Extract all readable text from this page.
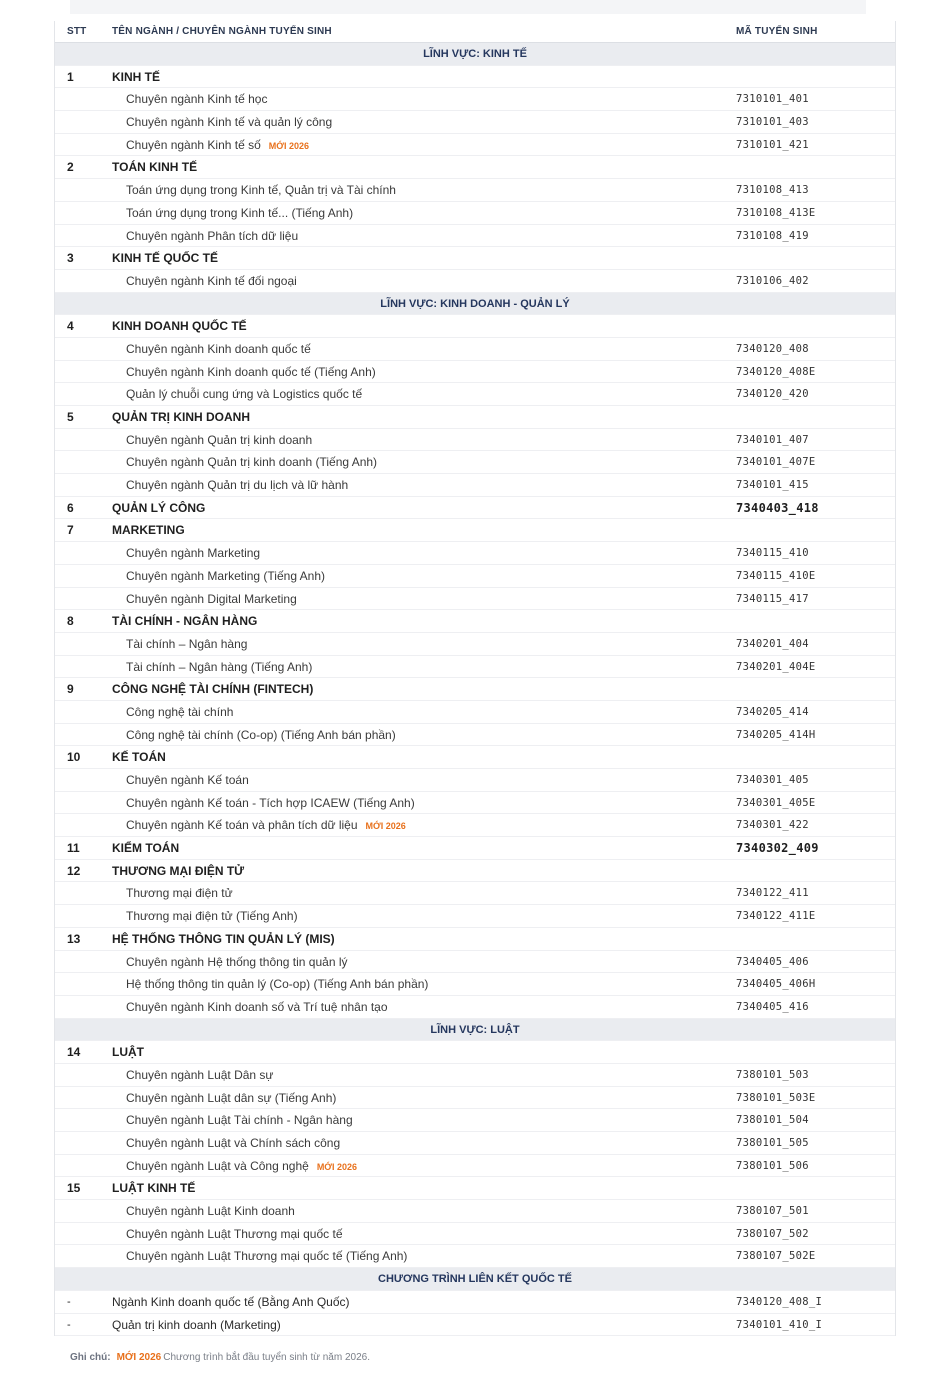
STT	TÊN NGÀNH / CHUYÊN NGÀNH TUYỂN SINH	MÃ TUYỂN SINH
LĨNH VỰC: KINH TẾ
1	KINH TẾ
Chuyên ngành Kinh tế học	7310101_401
Chuyên ngành Kinh tế và quản lý công	7310101_403
Chuyên ngành Kinh tế số MỚI 2026	7310101_421
2	TOÁN KINH TẾ
Toán ứng dụng trong Kinh tế, Quản trị và Tài chính	7310108_413
Toán ứng dụng trong Kinh tế... (Tiếng Anh)	7310108_413E
Chuyên ngành Phân tích dữ liệu	7310108_419
3	KINH TẾ QUỐC TẾ
Chuyên ngành Kinh tế đối ngoại	7310106_402
LĨNH VỰC: KINH DOANH - QUẢN LÝ
4	KINH DOANH QUỐC TẾ
Chuyên ngành Kinh doanh quốc tế	7340120_408
Chuyên ngành Kinh doanh quốc tế (Tiếng Anh)	7340120_408E
Quản lý chuỗi cung ứng và Logistics quốc tế	7340120_420
5	QUẢN TRỊ KINH DOANH
Chuyên ngành Quản trị kinh doanh	7340101_407
Chuyên ngành Quản trị kinh doanh (Tiếng Anh)	7340101_407E
Chuyên ngành Quản trị du lịch và lữ hành	7340101_415
6	QUẢN LÝ CÔNG	7340403_418
7	MARKETING
Chuyên ngành Marketing	7340115_410
Chuyên ngành Marketing (Tiếng Anh)	7340115_410E
Chuyên ngành Digital Marketing	7340115_417
8	TÀI CHÍNH - NGÂN HÀNG
Tài chính – Ngân hàng	7340201_404
Tài chính – Ngân hàng (Tiếng Anh)	7340201_404E
9	CÔNG NGHỆ TÀI CHÍNH (FINTECH)
Công nghệ tài chính	7340205_414
Công nghệ tài chính (Co-op) (Tiếng Anh bán phần)	7340205_414H
10	KẾ TOÁN
Chuyên ngành Kế toán	7340301_405
Chuyên ngành Kế toán - Tích hợp ICAEW (Tiếng Anh)	7340301_405E
Chuyên ngành Kế toán và phân tích dữ liệu MỚI 2026	7340301_422
11	KIỂM TOÁN	7340302_409
12	THƯƠNG MẠI ĐIỆN TỬ
Thương mại điện tử	7340122_411
Thương mại điện tử (Tiếng Anh)	7340122_411E
13	HỆ THỐNG THÔNG TIN QUẢN LÝ (MIS)
Chuyên ngành Hệ thống thông tin quản lý	7340405_406
Hệ thống thông tin quản lý (Co-op) (Tiếng Anh bán phần)	7340405_406H
Chuyên ngành Kinh doanh số và Trí tuệ nhân tạo	7340405_416
LĨNH VỰC: LUẬT
14	LUẬT
Chuyên ngành Luật Dân sự	7380101_503
Chuyên ngành Luật dân sự (Tiếng Anh)	7380101_503E
Chuyên ngành Luật Tài chính - Ngân hàng	7380101_504
Chuyên ngành Luật và Chính sách công	7380101_505
Chuyên ngành Luật và Công nghệ MỚI 2026	7380101_506
15	LUẬT KINH TẾ
Chuyên ngành Luật Kinh doanh	7380107_501
Chuyên ngành Luật Thương mại quốc tế	7380107_502
Chuyên ngành Luật Thương mại quốc tế (Tiếng Anh)	7380107_502E
CHƯƠNG TRÌNH LIÊN KẾT QUỐC TẾ
-	Ngành Kinh doanh quốc tế (Bằng Anh Quốc)	7340120_408_I
-	Quản trị kinh doanh (Marketing)	7340101_410_I
Ghi chú: MỚI 2026 Chương trình bắt đầu tuyển sinh từ năm 2026.
